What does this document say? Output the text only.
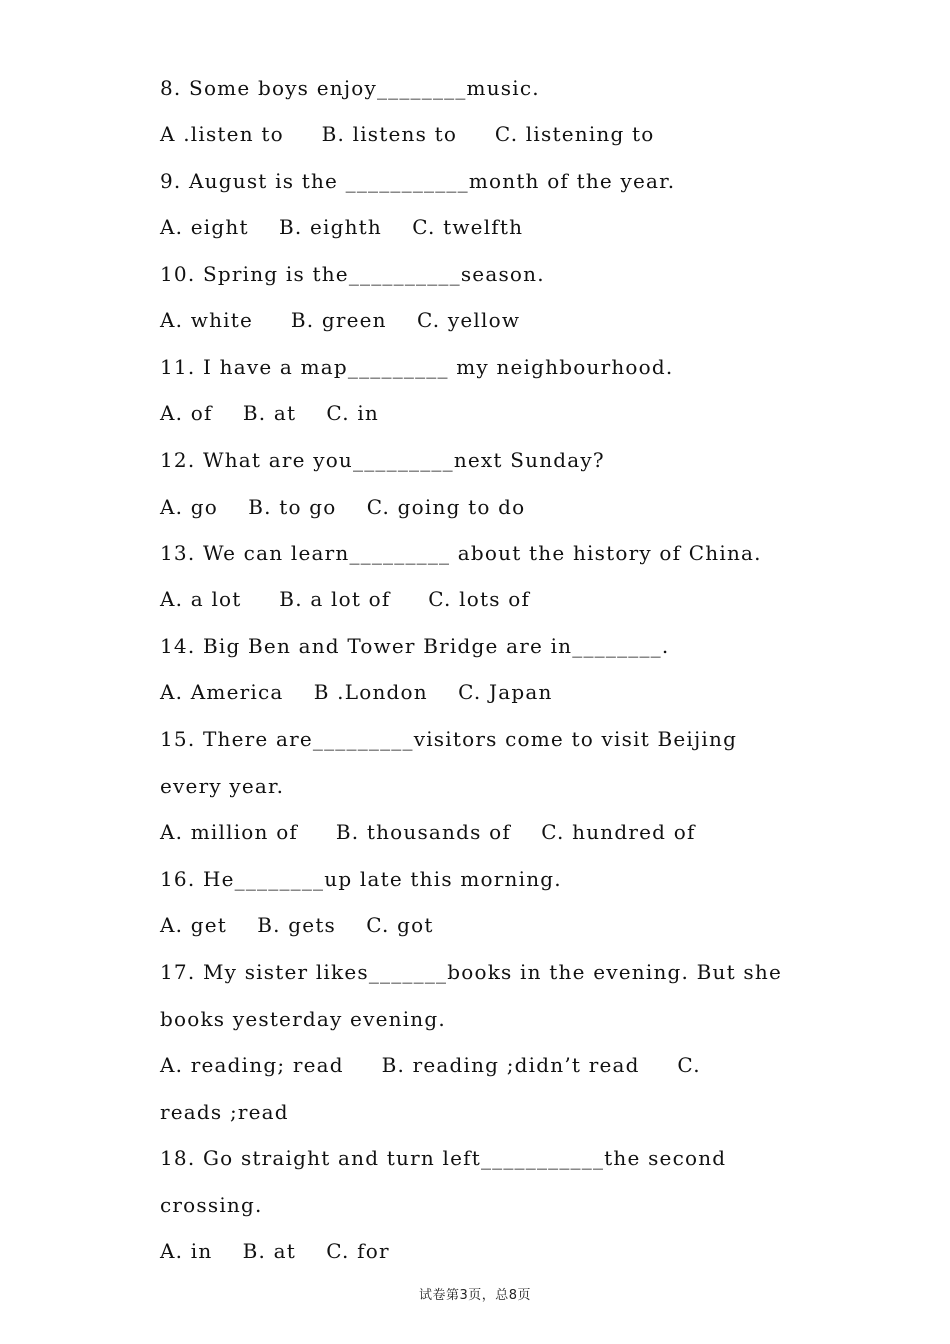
8. Some boys enjoy________music.
A .listen to     B. listens to     C. listening to
9. August is the ___________month of the year.
A. eight    B. eighth    C. twelfth
10. Spring is the__________season.
A. white     B. green    C. yellow
11. I have a map_________ my neighbourhood.
A. of    B. at    C. in
12. What are you_________next Sunday?
A. go    B. to go    C. going to do
13. We can learn_________ about the history of China.
A. a lot     B. a lot of     C. lots of
14. Big Ben and Tower Bridge are in________.
A. America    B .London    C. Japan
15. There are_________visitors come to visit Beijing
every year.
A. million of     B. thousands of    C. hundred of
16. He________up late this morning.
A. get    B. gets    C. got
17. My sister likes_______books in the evening. But she
books yesterday evening.
A. reading; read     B. reading ;didn’t read     C.
reads ;read
18. Go straight and turn left___________the second
crossing.
A. in    B. at    C. for
试卷第3页，总8页
